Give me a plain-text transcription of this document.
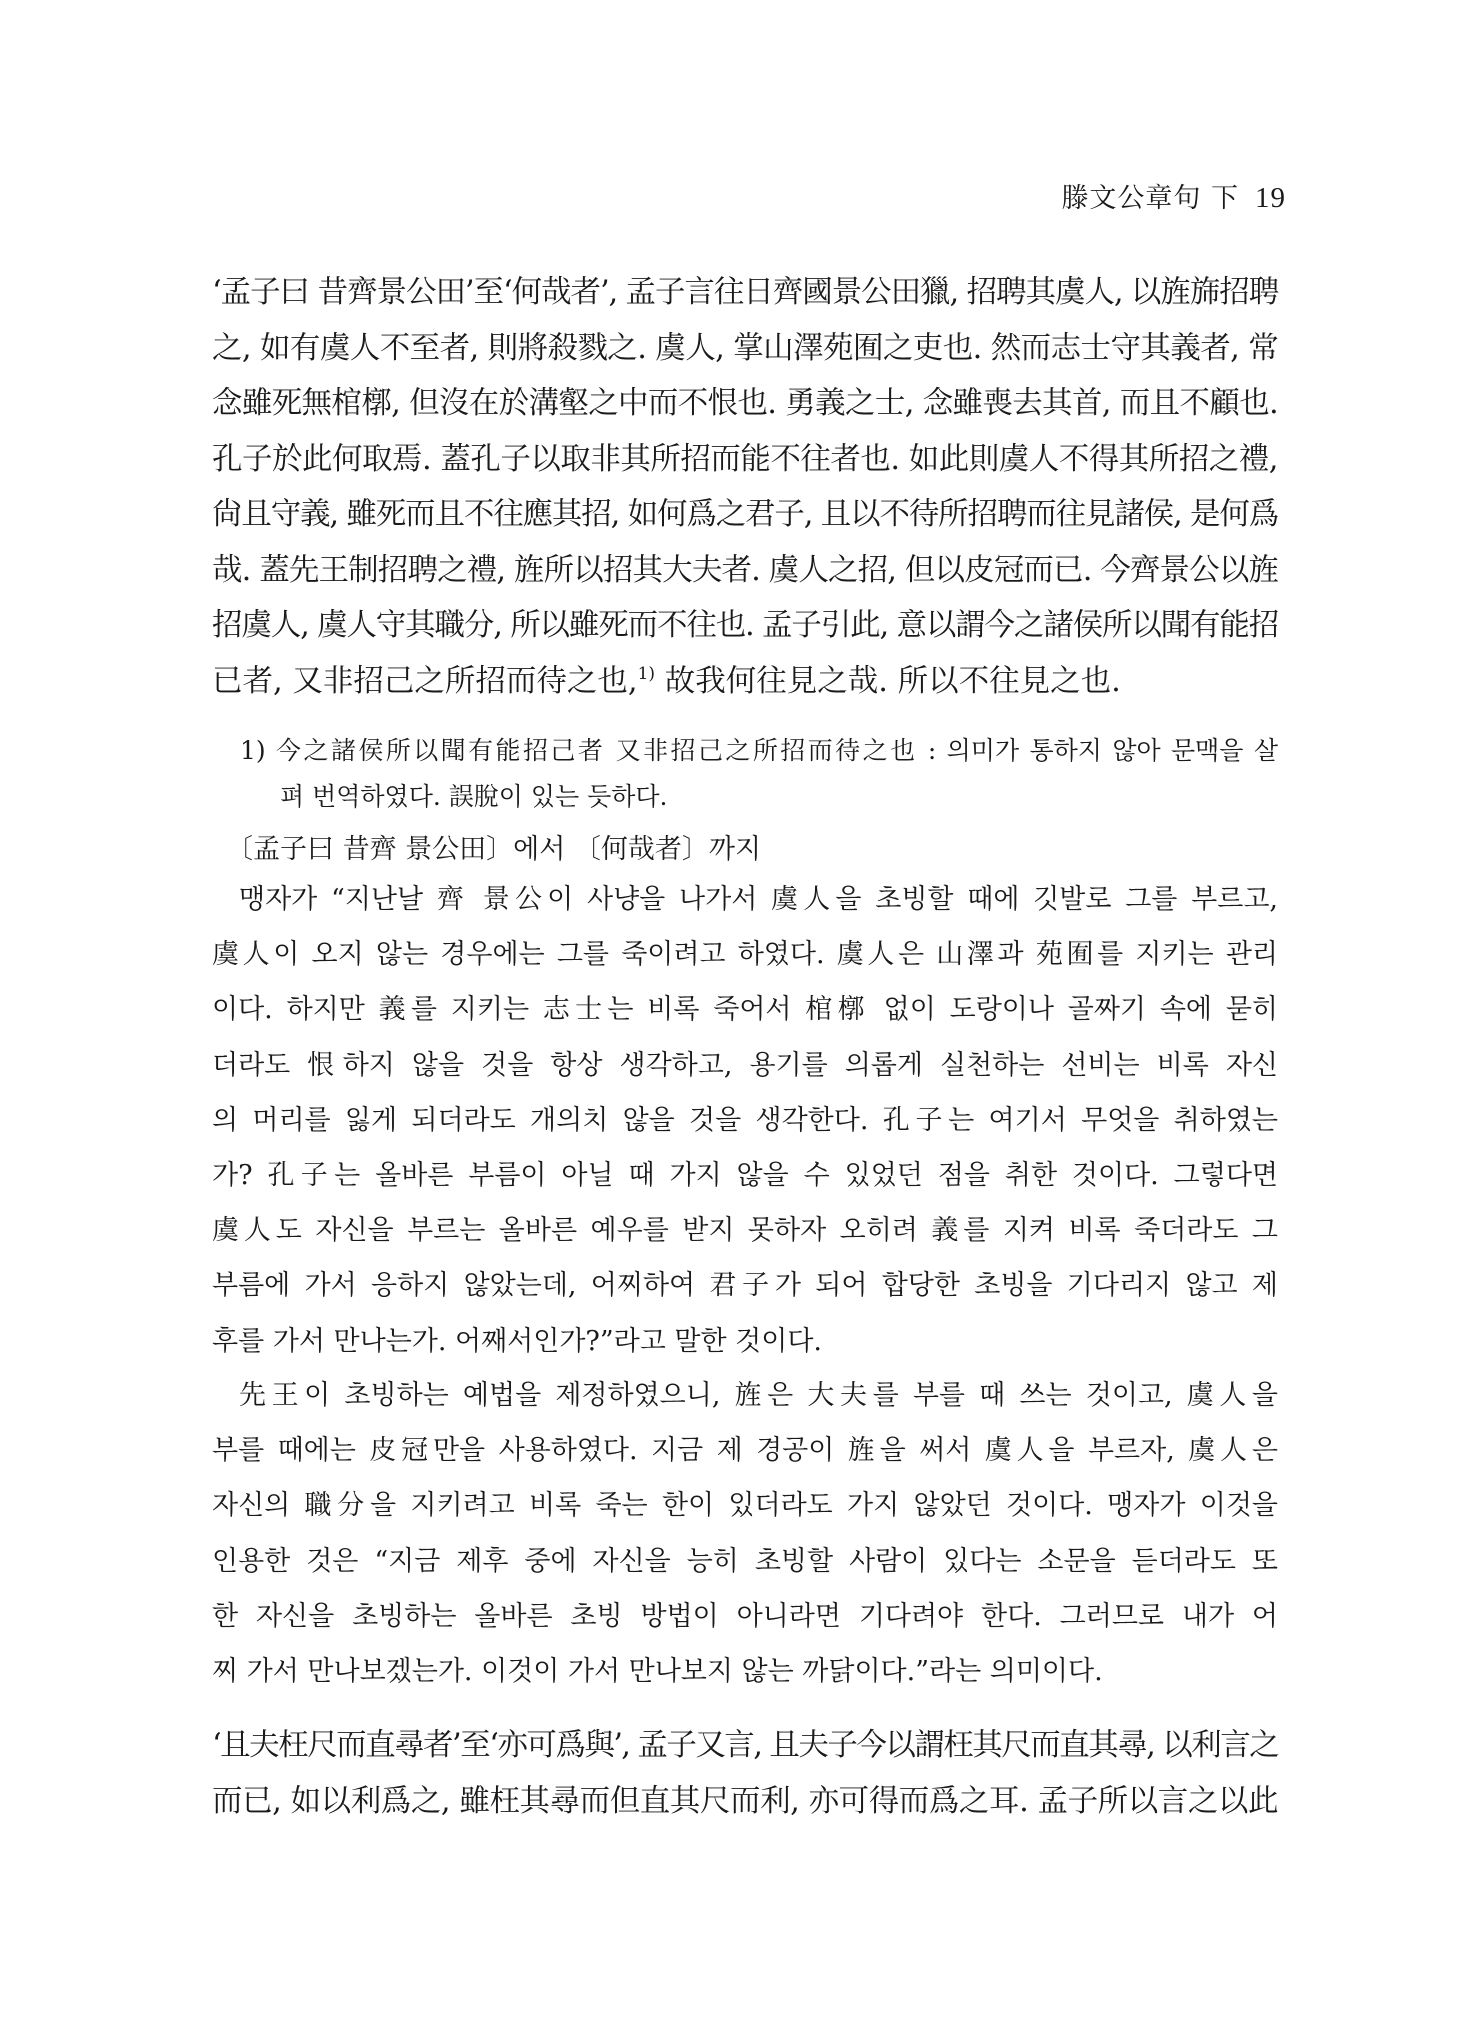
滕文公章句 下 19
‘孟子曰 昔齊景公田’至‘何哉者’, 孟子言往日齊國景公田獵, 招聘其虞人, 以旌旆招聘
之, 如有虞人不至者, 則將殺戮之. 虞人, 掌山澤苑囿之吏也. 然而志士守其義者, 常
念雖死無棺槨, 但沒在於溝壑之中而不恨也. 勇義之士, 念雖喪去其首, 而且不顧也.
孔子於此何取焉. 蓋孔子以取非其所招而能不往者也. 如此則虞人不得其所招之禮,
尙且守義, 雖死而且不往應其招, 如何爲之君子, 且以不待所招聘而往見諸侯, 是何爲
哉. 蓋先王制招聘之禮, 旌所以招其大夫者. 虞人之招, 但以皮冠而已. 今齊景公以旌
招虞人, 虞人守其職分, 所以雖死而不往也. 孟子引此, 意以謂今之諸侯所以聞有能招
已者, 又非招己之所招而待之也,$^{1)}$ 故我何往見之哉. 所以不往見之也.
1) 今之諸侯所以聞有能招己者 又非招己之所招而待之也 : 의미가 통하지 않아 문맥을 살
펴 번역하였다. 誤脫이 있는 듯하다.
〔孟子曰 昔齊 景公田〕에서 〔何哉者〕까지
맹자가 “지난날 齊 景公이 사냥을 나가서 虞人을 초빙할 때에 깃발로 그를 부르고,
虞人이 오지 않는 경우에는 그를 죽이려고 하였다. 虞人은 山澤과 苑囿를 지키는 관리
이다. 하지만 義를 지키는 志士는 비록 죽어서 棺槨 없이 도랑이나 골짜기 속에 묻히
더라도 恨하지 않을 것을 항상 생각하고, 용기를 의롭게 실천하는 선비는 비록 자신
의 머리를 잃게 되더라도 개의치 않을 것을 생각한다. 孔子는 여기서 무엇을 취하였는
가? 孔子는 올바른 부름이 아닐 때 가지 않을 수 있었던 점을 취한 것이다. 그렇다면
虞人도 자신을 부르는 올바른 예우를 받지 못하자 오히려 義를 지켜 비록 죽더라도 그
부름에 가서 응하지 않았는데, 어찌하여 君子가 되어 합당한 초빙을 기다리지 않고 제
후를 가서 만나는가. 어째서인가?”라고 말한 것이다.
先王이 초빙하는 예법을 제정하였으니, 旌은 大夫를 부를 때 쓰는 것이고, 虞人을
부를 때에는 皮冠만을 사용하였다. 지금 제 경공이 旌을 써서 虞人을 부르자, 虞人은
자신의 職分을 지키려고 비록 죽는 한이 있더라도 가지 않았던 것이다. 맹자가 이것을
인용한 것은 “지금 제후 중에 자신을 능히 초빙할 사람이 있다는 소문을 듣더라도 또
한 자신을 초빙하는 올바른 초빙 방법이 아니라면 기다려야 한다. 그러므로 내가 어
찌 가서 만나보겠는가. 이것이 가서 만나보지 않는 까닭이다.”라는 의미이다.
‘且夫枉尺而直尋者’至‘亦可爲與’, 孟子又言, 且夫子今以謂枉其尺而直其尋, 以利言之
而已, 如以利爲之, 雖枉其尋而但直其尺而利, 亦可得而爲之耳. 孟子所以言之以此
